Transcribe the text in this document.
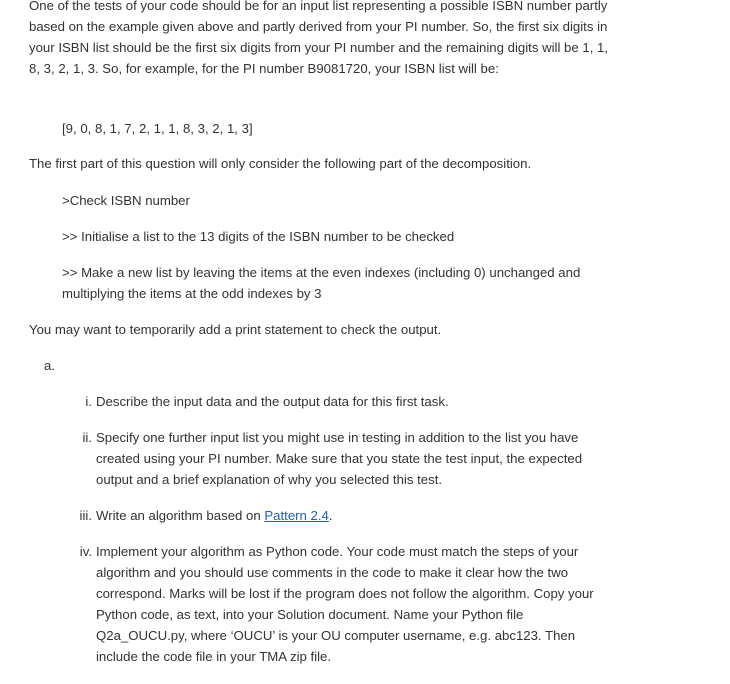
One of the tests of your code should be for an input list representing a possible ISBN number partly based on the example given above and partly derived from your PI number. So, the first six digits in your ISBN list should be the first six digits from your PI number and the remaining digits will be 1, 1, 8, 3, 2, 1, 3. So, for example, for the PI number B9081720, your ISBN list will be:

[9, 0, 8, 1, 7, 2, 1, 1, 8, 3, 2, 1, 3]

The first part of this question will only consider the following part of the decomposition.

>Check ISBN number

>> Initialise a list to the 13 digits of the ISBN number to be checked

>> Make a new list by leaving the items at the even indexes (including 0) unchanged and multiplying the items at the odd indexes by 3

You may want to temporarily add a print statement to check the output.

a.

i. Describe the input data and the output data for this first task.

ii. Specify one further input list you might use in testing in addition to the list you have created using your PI number. Make sure that you state the test input, the expected output and a brief explanation of why you selected this test.

iii. Write an algorithm based on Pattern 2.4.

iv. Implement your algorithm as Python code. Your code must match the steps of your algorithm and you should use comments in the code to make it clear how the two correspond. Marks will be lost if the program does not follow the algorithm. Copy your Python code, as text, into your Solution document. Name your Python file Q2a_OUCU.py, where ‘OUCU’ is your OU computer username, e.g. abc123. Then include the code file in your TMA zip file.
